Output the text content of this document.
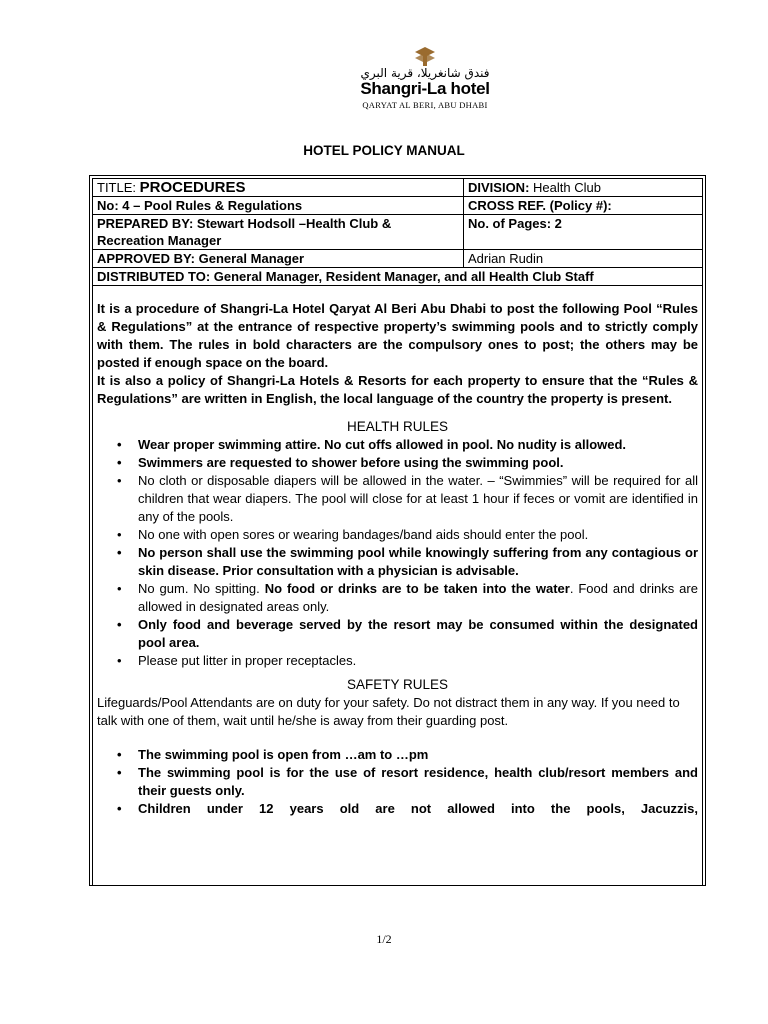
فندق شانغريلا، قرية البري
Shangri-La hotel
QARYAT AL BERI, ABU DHABI
HOTEL POLICY MANUAL
TITLE: PROCEDURES	DIVISION: Health Club
No: 4 – Pool Rules & Regulations	CROSS REF. (Policy #):
PREPARED BY: Stewart Hodsoll –Health Club & Recreation Manager	No. of Pages: 2
APPROVED BY: General Manager	Adrian Rudin
DISTRIBUTED TO: General Manager, Resident Manager, and all Health Club Staff	
It is a procedure of Shangri-La Hotel Qaryat Al Beri Abu Dhabi to post the following Pool “Rules & Regulations” at the entrance of respective property’s swimming pools and to strictly comply with them. The rules in bold characters are the compulsory ones to post; the others may be posted if enough space on the board.
It is also a policy of Shangri-La Hotels & Resorts for each property to ensure that the “Rules & Regulations” are written in English, the local language of the country the property is present.
HEALTH RULES
• Wear proper swimming attire. No cut offs allowed in pool. No nudity is allowed.
• Swimmers are requested to shower before using the swimming pool.
• No cloth or disposable diapers will be allowed in the water. – “Swimmies” will be required for all children that wear diapers. The pool will close for at least 1 hour if feces or vomit are identified in any of the pools.
• No one with open sores or wearing bandages/band aids should enter the pool.
• No person shall use the swimming pool while knowingly suffering from any contagious or skin disease. Prior consultation with a physician is advisable.
• No gum. No spitting. No food or drinks are to be taken into the water. Food and drinks are allowed in designated areas only.
• Only food and beverage served by the resort may be consumed within the designated pool area.
• Please put litter in proper receptacles.
SAFETY RULES
Lifeguards/Pool Attendants are on duty for your safety. Do not distract them in any way. If you need to talk with one of them, wait until he/she is away from their guarding post.
• The swimming pool is open from …am to …pm
• The swimming pool is for the use of resort residence, health club/resort members and their guests only.
• Children under 12 years old are not allowed into the pools, Jacuzzis,
1/2
